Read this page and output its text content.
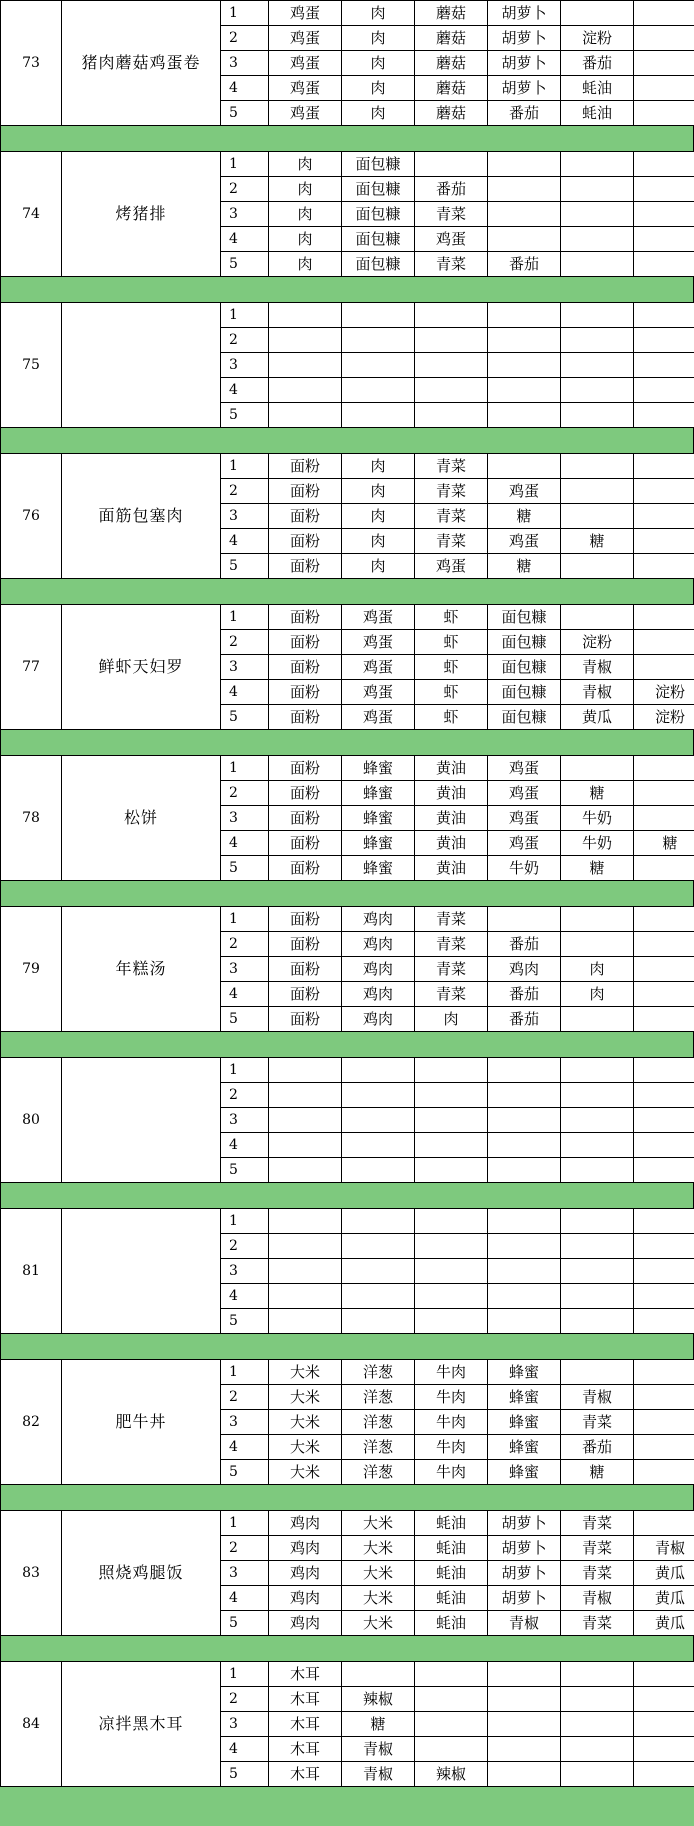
73	猪肉蘑菇鸡蛋卷	1	鸡蛋	肉	蘑菇	胡萝卜			
		2	鸡蛋	肉	蘑菇	胡萝卜	淀粉		
		3	鸡蛋	肉	蘑菇	胡萝卜	番茄		
		4	鸡蛋	肉	蘑菇	胡萝卜	蚝油		
		5	鸡蛋	肉	蘑菇	番茄	蚝油		
74	烤猪排	1	肉	面包糠					
		2	肉	面包糠	番茄				
		3	肉	面包糠	青菜				
		4	肉	面包糠	鸡蛋				
		5	肉	面包糠	青菜	番茄			
75		1							
		2							
		3							
		4							
		5							
76	面筋包塞肉	1	面粉	肉	青菜				
		2	面粉	肉	青菜	鸡蛋			
		3	面粉	肉	青菜	糖			
		4	面粉	肉	青菜	鸡蛋	糖		
		5	面粉	肉	鸡蛋	糖			
77	鲜虾天妇罗	1	面粉	鸡蛋	虾	面包糠			
		2	面粉	鸡蛋	虾	面包糠	淀粉		
		3	面粉	鸡蛋	虾	面包糠	青椒		
		4	面粉	鸡蛋	虾	面包糠	青椒	淀粉	
		5	面粉	鸡蛋	虾	面包糠	黄瓜	淀粉	
78	松饼	1	面粉	蜂蜜	黄油	鸡蛋			
		2	面粉	蜂蜜	黄油	鸡蛋	糖		
		3	面粉	蜂蜜	黄油	鸡蛋	牛奶		
		4	面粉	蜂蜜	黄油	鸡蛋	牛奶	糖	
		5	面粉	蜂蜜	黄油	牛奶	糖		
79	年糕汤	1	面粉	鸡肉	青菜				
		2	面粉	鸡肉	青菜	番茄			
		3	面粉	鸡肉	青菜	鸡肉	肉		
		4	面粉	鸡肉	青菜	番茄	肉		
		5	面粉	鸡肉	肉	番茄			
80		1							
		2							
		3							
		4							
		5							
81		1							
		2							
		3							
		4							
		5							
82	肥牛丼	1	大米	洋葱	牛肉	蜂蜜			
		2	大米	洋葱	牛肉	蜂蜜	青椒		
		3	大米	洋葱	牛肉	蜂蜜	青菜		
		4	大米	洋葱	牛肉	蜂蜜	番茄		
		5	大米	洋葱	牛肉	蜂蜜	糖		
83	照烧鸡腿饭	1	鸡肉	大米	蚝油	胡萝卜	青菜		
		2	鸡肉	大米	蚝油	胡萝卜	青菜	青椒	
		3	鸡肉	大米	蚝油	胡萝卜	青菜	黄瓜	
		4	鸡肉	大米	蚝油	胡萝卜	青椒	黄瓜	
		5	鸡肉	大米	蚝油	青椒	青菜	黄瓜	
84	凉拌黑木耳	1	木耳						
		2	木耳	辣椒					
		3	木耳	糖					
		4	木耳	青椒					
		5	木耳	青椒	辣椒				
